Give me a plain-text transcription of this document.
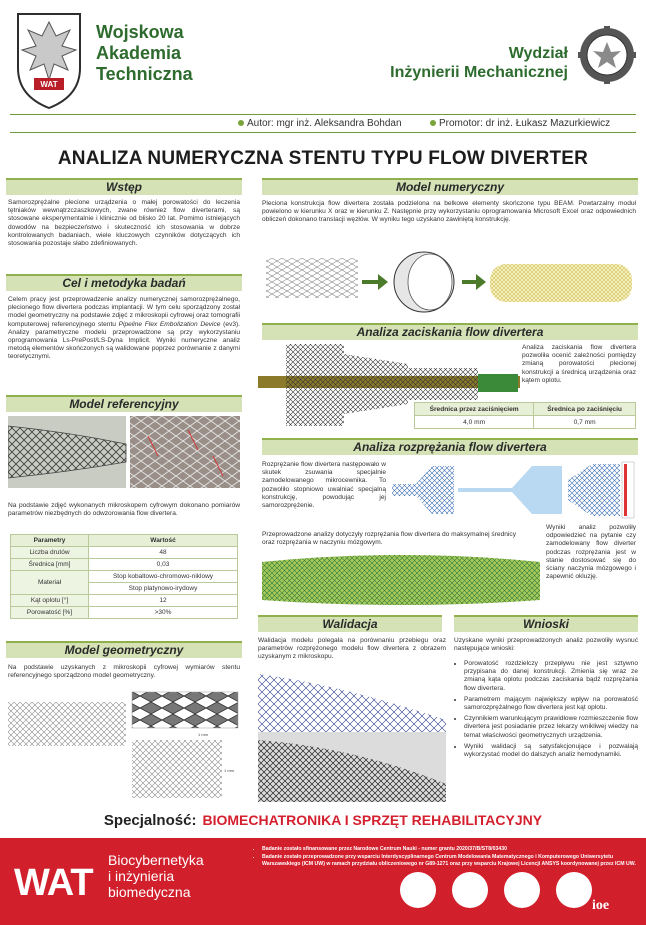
WAT
Wojskowa
Akademia
Techniczna
Wydział
Inżynierii Mechanicznej
Autor: mgr inż. Aleksandra Bohdan	Promotor: dr inż. Łukasz Mazurkiewicz
ANALIZA NUMERYCZNA STENTU TYPU FLOW DIVERTER
Wstęp
Samorozprężalne plecione urządzenia o małej porowatości do leczenia tętniaków wewnątrzczaszkowych, zwane również flow diverterami, są stosowane eksperymentalnie i klinicznie od blisko 20 lat. Pomimo istniejących dowodów na bezpieczeństwo i skuteczność ich stosowania w dobrze kontrolowanych badaniach, wiele kluczowych czynników dotyczących ich stosowania pozostaje słabo zdefiniowanych.
Cel i metodyka badań
Celem pracy jest przeprowadzenie analizy numerycznej samorozprężalnego, plecionego flow divertera podczas implantacji. W tym celu sporządzony został model geometryczny na podstawie zdjęć z mikroskopii cyfrowej oraz tomografii komputerowej referencyjnego stentu Pipeline Flex Embolization Device (ev3). Analizy parametryczne modelu przeprowadzone są przy wykorzystaniu oprogramowania Ls-PrePost/LS-Dyna Implicit. Wyniki numeryczne analiz metodą elementów skończonych są walidowane poprzez porównanie z danymi teoretycznymi.
Model referencyjny
Na podstawie zdjęć wykonanych mikroskopem cyfrowym dokonano pomiarów parametrów niezbędnych do odwzorowania flow divertera.
Parametry	Wartość
Liczba drutów	48
Średnica [mm]	0,03
Materiał	Stop kobaltowo-chromowo-niklowy
	Stop platynowo-irydowy
Kąt oplotu [°]	12
Porowatość [%]	>30%
Model geometryczny
Na podstawie uzyskanych z mikroskopii cyfrowej wymiarów stentu referencyjnego sporządzono model geometryczny.
1 mm
1 mm
Model numeryczny
Pleciona konstrukcja flow divertera została podzielona na belkowe elementy skończone typu BEAM. Powtarzalny moduł powielono w kierunku X oraz w kierunku Z. Następnie przy wykorzystaniu oprogramowania Microsoft Excel oraz odpowiednich obliczeń dokonano translacji węzłów. W wyniku tego uzyskano zawiniętą konstrukcję.
Analiza zaciskania flow divertera
Analiza zaciskania flow divertera pozwoliła ocenić zależności pomiędzy zmianą porowatości plecionej konstrukcji a średnicą urządzenia oraz kątem oplotu.
Średnica przez zaciśnięciem	Średnica po zaciśnięciu
4,0 mm	0,7 mm
Analiza rozprężania flow divertera
Rozprężanie flow divertera następowało w skutek zsuwania specjalnie zamodelowanego mikrocewnika. To pozwoliło stopniowo uwalniać specjalną konstrukcję, powodując jej samorozprężenie.
Przeprowadzone analizy dotyczyły rozprężania flow divertera do maksymalnej średnicy oraz rozprężania w naczyniu mózgowym.
Wyniki analiz pozwoliły odpowiedzieć na pytanie czy zamodelowany flow diverter podczas rozprężania jest w stanie dostosować się do ściany naczynia mózgowego i zapewnić okluzję.
Walidacja
Walidacja modelu polegała na porównaniu przebiegu oraz parametrów rozprężonego modelu flow divertera z obrazem uzyskanym z mikroskopu.
Wnioski
Uzyskane wyniki przeprowadzonych analiz pozwoliły wysnuć następujące wnioski:
• Porowatość rozdzielczy przepływu nie jest sztywno przypisana do danej konstrukcji. Zmienia się wraz ze zmianą kąta oplotu podczas zaciskania bądź rozprężania flow divertera.
• Parametrem mającym największy wpływ na porowatość samorozprężalnego flow divertera jest kąt oplotu.
• Czynnikiem warunkującym prawidłowe rozmieszczenie flow divertera jest posiadanie przez lekarzy wnikliwej wiedzy na temat właściwości geometrycznych urządzenia.
• Wyniki walidacji są satysfakcjonujące i pozwalają wykorzystać model do dalszych analiz hemodynamiki.
Specjalność: BIOMECHATRONIKA I SPRZĘT REHABILITACYJNY
WAT
Biocybernetyka
i inżynieria
biomedyczna
• Badanie zostało sfinansowane przez Narodowe Centrum Nauki - numer grantu 2020/37/B/ST8/03430
• Badanie zostało przeprowadzone przy wsparciu Interdyscyplinarnego Centrum Modelowania Matematycznego i Komputerowego Uniwersytetu Warszawskiego (ICM UW) w ramach przydziału obliczeniowego nr G89-1271 oraz przy wsparciu Krajowej Licencji ANSYS koordynowanej przez ICM UW.
ioe
